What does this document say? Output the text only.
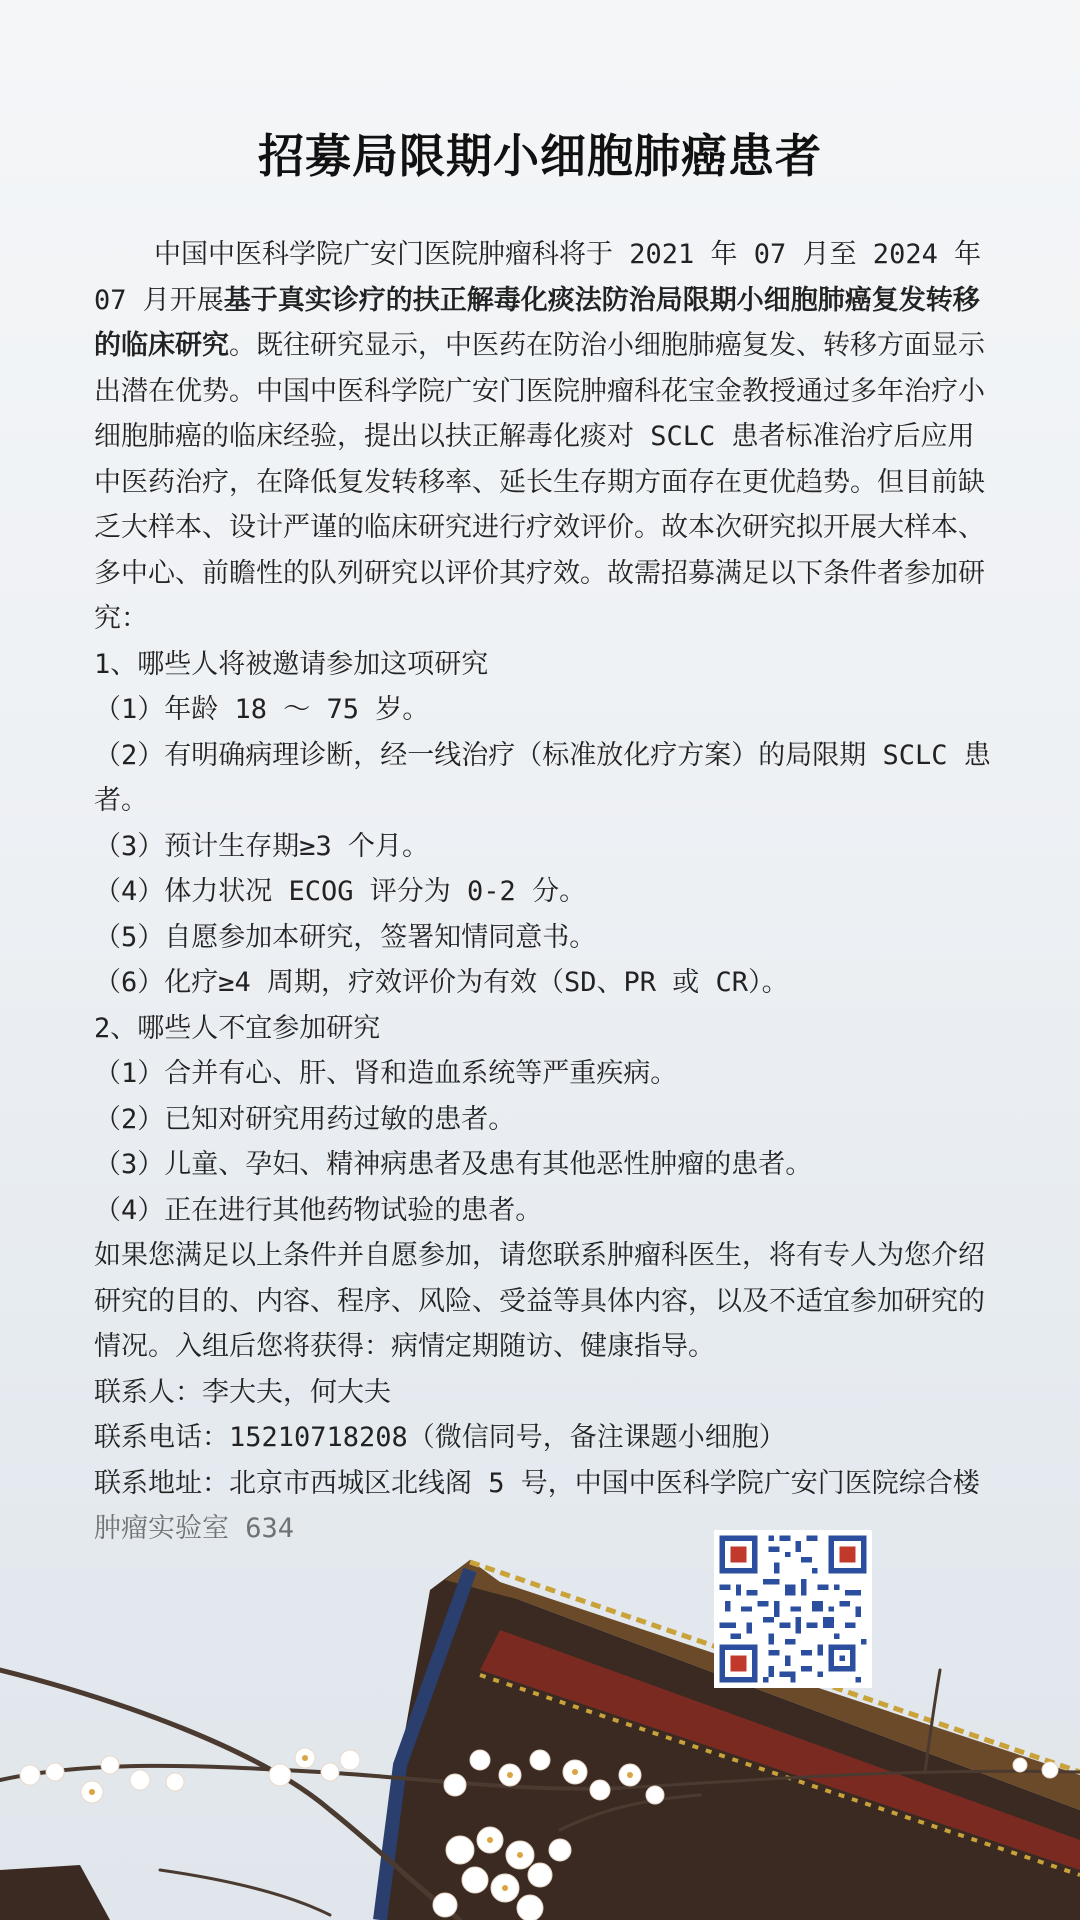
招募局限期小细胞肺癌患者

中国中医科学院广安门医院肿瘤科将于 2021 年 07 月至 2024 年 07 月开展基于真实诊疗的扶正解毒化痰法防治局限期小细胞肺癌复发转移的临床研究。既往研究显示，中医药在防治小细胞肺癌复发、转移方面显示出潜在优势。中国中医科学院广安门医院肿瘤科花宝金教授通过多年治疗小细胞肺癌的临床经验，提出以扶正解毒化痰对 SCLC 患者标准治疗后应用中医药治疗，在降低复发转移率、延长生存期方面存在更优趋势。但目前缺乏大样本、设计严谨的临床研究进行疗效评价。故本次研究拟开展大样本、多中心、前瞻性的队列研究以评价其疗效。故需招募满足以下条件者参加研究：

1、哪些人将被邀请参加这项研究

（1）年龄 18 ～ 75 岁。

（2）有明确病理诊断，经一线治疗（标准放化疗方案）的局限期 SCLC 患者。

（3）预计生存期≥3 个月。

（4）体力状况 ECOG 评分为 0-2 分。

（5）自愿参加本研究，签署知情同意书。

（6）化疗≥4 周期，疗效评价为有效（SD、PR 或 CR）。

2、哪些人不宜参加研究

（1）合并有心、肝、肾和造血系统等严重疾病。

（2）已知对研究用药过敏的患者。

（3）儿童、孕妇、精神病患者及患有其他恶性肿瘤的患者。

（4）正在进行其他药物试验的患者。

如果您满足以上条件并自愿参加，请您联系肿瘤科医生，将有专人为您介绍研究的目的、内容、程序、风险、受益等具体内容，以及不适宜参加研究的情况。入组后您将获得：病情定期随访、健康指导。

联系人：李大夫，何大夫

联系电话：15210718208（微信同号，备注课题小细胞）

联系地址：北京市西城区北线阁 5 号，中国中医科学院广安门医院综合楼肿瘤实验室 634
